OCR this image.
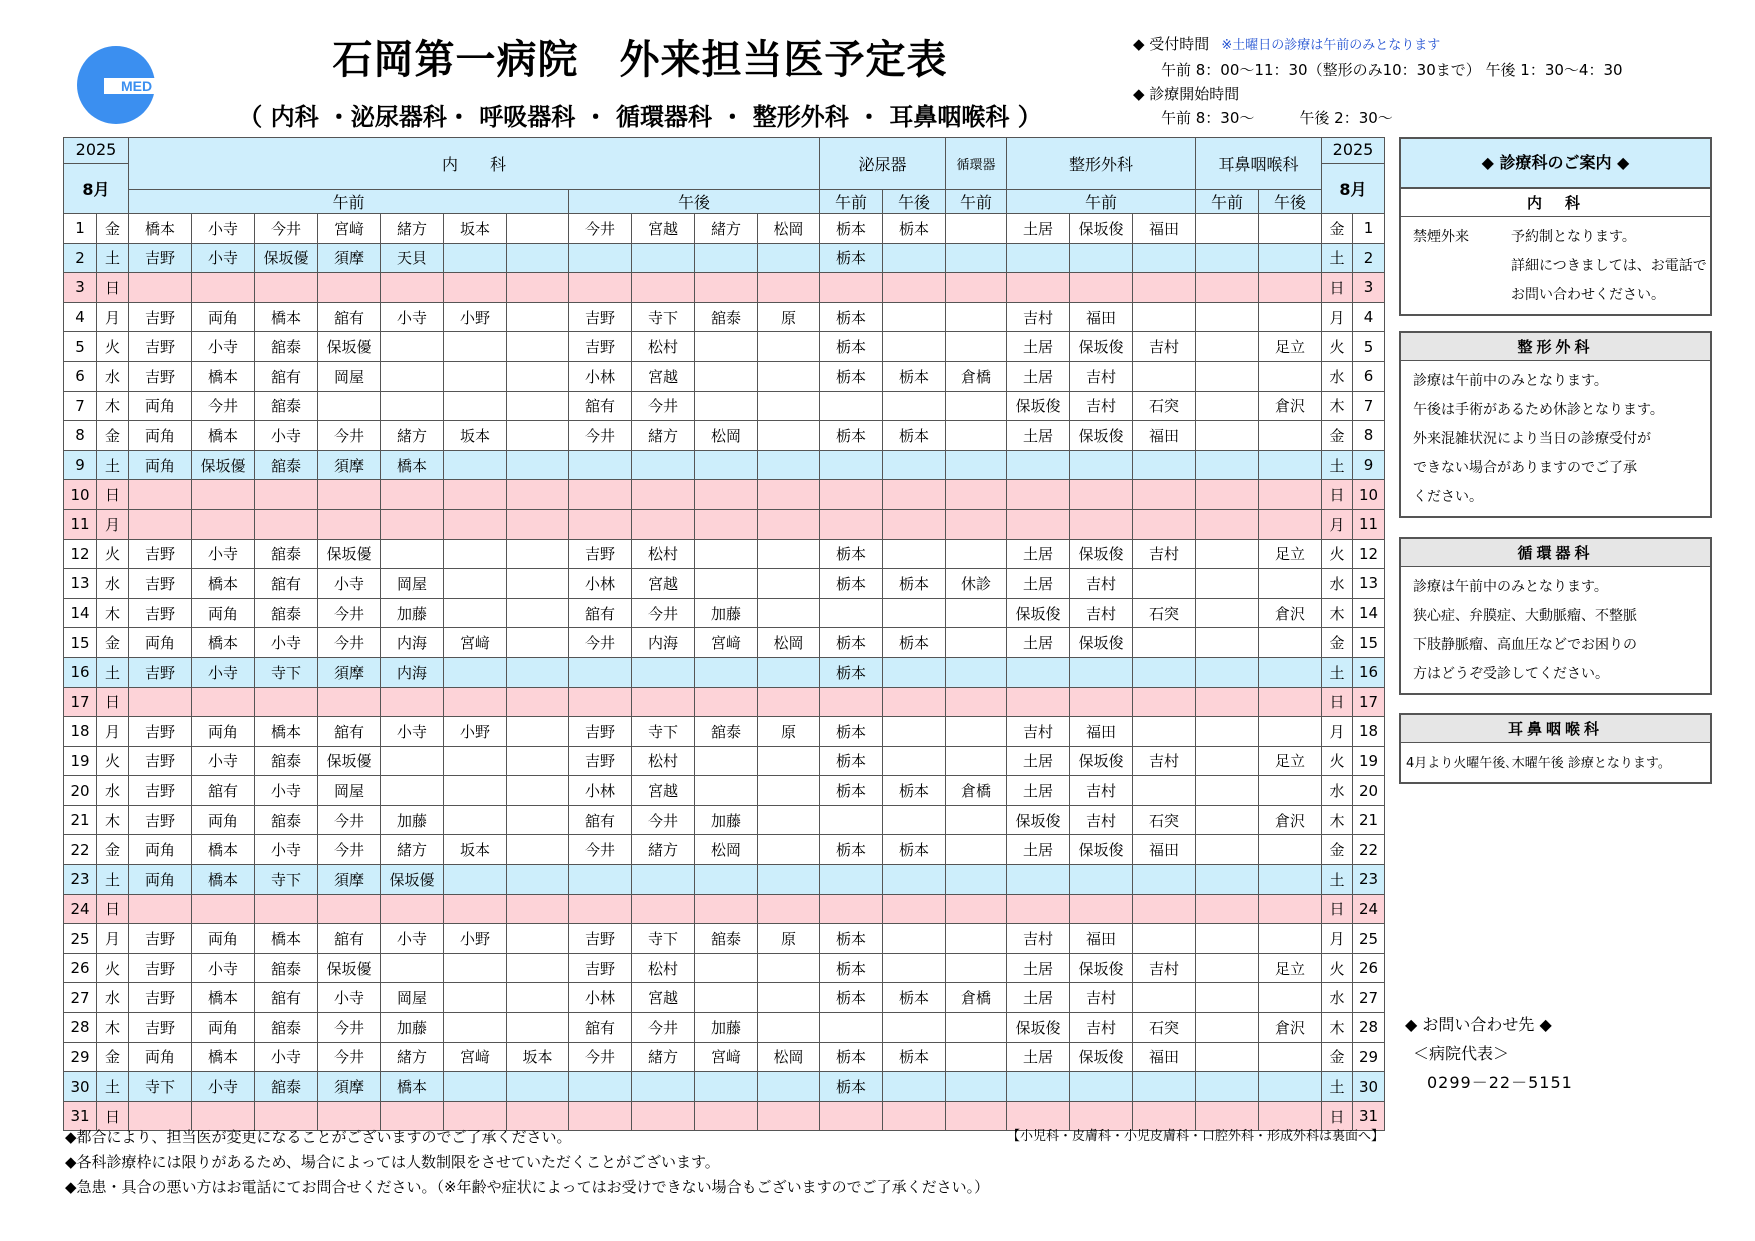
MED
石岡第一病院　外来担当医予定表
（ 内科 ・泌尿器科・ 呼吸器科 ・ 循環器科 ・ 整形外科 ・ 耳鼻咽喉科 ）
◆ 受付時間 ※土曜日の診療は午前のみとなります
午前 8：00～11：30（整形のみ10：30まで） 午後 1：30～4：30
◆ 診療開始時間
午前 8：30～　　　午後 2：30～
2025		内　　科											泌尿器		循環器	整形外科			耳鼻咽喉科		2025	
8月																					8月	
		午前							午後				午前	午後	午前	午前			午前	午後		
1	金	橋本	小寺	今井	宮﨑	緒方	坂本		今井	宮越	緒方	松岡	栃本	栃本		土居	保坂俊	福田			金	1
2	土	吉野	小寺	保坂優	須摩	天貝							栃本								土	2
3	日																				日	3
4	月	吉野	両角	橋本	舘有	小寺	小野		吉野	寺下	舘泰	原	栃本			吉村	福田				月	4
5	火	吉野	小寺	舘泰	保坂優				吉野	松村			栃本			土居	保坂俊	吉村		足立	火	5
6	水	吉野	橋本	舘有	岡屋				小林	宮越			栃本	栃本	倉橋	土居	吉村				水	6
7	木	両角	今井	舘泰					舘有	今井						保坂俊	吉村	石突		倉沢	木	7
8	金	両角	橋本	小寺	今井	緒方	坂本		今井	緒方	松岡		栃本	栃本		土居	保坂俊	福田			金	8
9	土	両角	保坂優	舘泰	須摩	橋本															土	9
10	日																				日	10
11	月																				月	11
12	火	吉野	小寺	舘泰	保坂優				吉野	松村			栃本			土居	保坂俊	吉村		足立	火	12
13	水	吉野	橋本	舘有	小寺	岡屋			小林	宮越			栃本	栃本	休診	土居	吉村				水	13
14	木	吉野	両角	舘泰	今井	加藤			舘有	今井	加藤					保坂俊	吉村	石突		倉沢	木	14
15	金	両角	橋本	小寺	今井	内海	宮﨑		今井	内海	宮﨑	松岡	栃本	栃本		土居	保坂俊				金	15
16	土	吉野	小寺	寺下	須摩	内海							栃本								土	16
17	日																				日	17
18	月	吉野	両角	橋本	舘有	小寺	小野		吉野	寺下	舘泰	原	栃本			吉村	福田				月	18
19	火	吉野	小寺	舘泰	保坂優				吉野	松村			栃本			土居	保坂俊	吉村		足立	火	19
20	水	吉野	舘有	小寺	岡屋				小林	宮越			栃本	栃本	倉橋	土居	吉村				水	20
21	木	吉野	両角	舘泰	今井	加藤			舘有	今井	加藤					保坂俊	吉村	石突		倉沢	木	21
22	金	両角	橋本	小寺	今井	緒方	坂本		今井	緒方	松岡		栃本	栃本		土居	保坂俊	福田			金	22
23	土	両角	橋本	寺下	須摩	保坂優															土	23
24	日																				日	24
25	月	吉野	両角	橋本	舘有	小寺	小野		吉野	寺下	舘泰	原	栃本			吉村	福田				月	25
26	火	吉野	小寺	舘泰	保坂優				吉野	松村			栃本			土居	保坂俊	吉村		足立	火	26
27	水	吉野	橋本	舘有	小寺	岡屋			小林	宮越			栃本	栃本	倉橋	土居	吉村				水	27
28	木	吉野	両角	舘泰	今井	加藤			舘有	今井	加藤					保坂俊	吉村	石突		倉沢	木	28
29	金	両角	橋本	小寺	今井	緒方	宮﨑	坂本	今井	緒方	宮﨑	松岡	栃本	栃本		土居	保坂俊	福田			金	29
30	土	寺下	小寺	舘泰	須摩	橋本							栃本								土	30
31	日																				日	31
◆ 診療科のご案内 ◆
内　科
禁煙外来	予約制となります。
詳細につきましては、お電話で
お問い合わせください。
整形外科
診療は午前中のみとなります。
午後は手術があるため休診となります。
外来混雑状況により当日の診療受付が
できない場合がありますのでご了承
ください。
循環器科
診療は午前中のみとなります。
狭心症、弁膜症、大動脈瘤、不整脈
下肢静脈瘤、高血圧などでお困りの
方はどうぞ受診してください。
耳鼻咽喉科
4月より火曜午後､木曜午後 診療となります。
◆ お問い合わせ先 ◆
＜病院代表＞
0299－22－5151
◆都合により、担当医が変更になることがございますのでご了承ください。
◆各科診療枠には限りがあるため、場合によっては人数制限をさせていただくことがございます。
◆急患・具合の悪い方はお電話にてお問合せください。（※年齢や症状によってはお受けできない場合もございますのでご了承ください。）
【小児科・皮膚科・小児皮膚科・口腔外科・形成外科は裏面へ】
